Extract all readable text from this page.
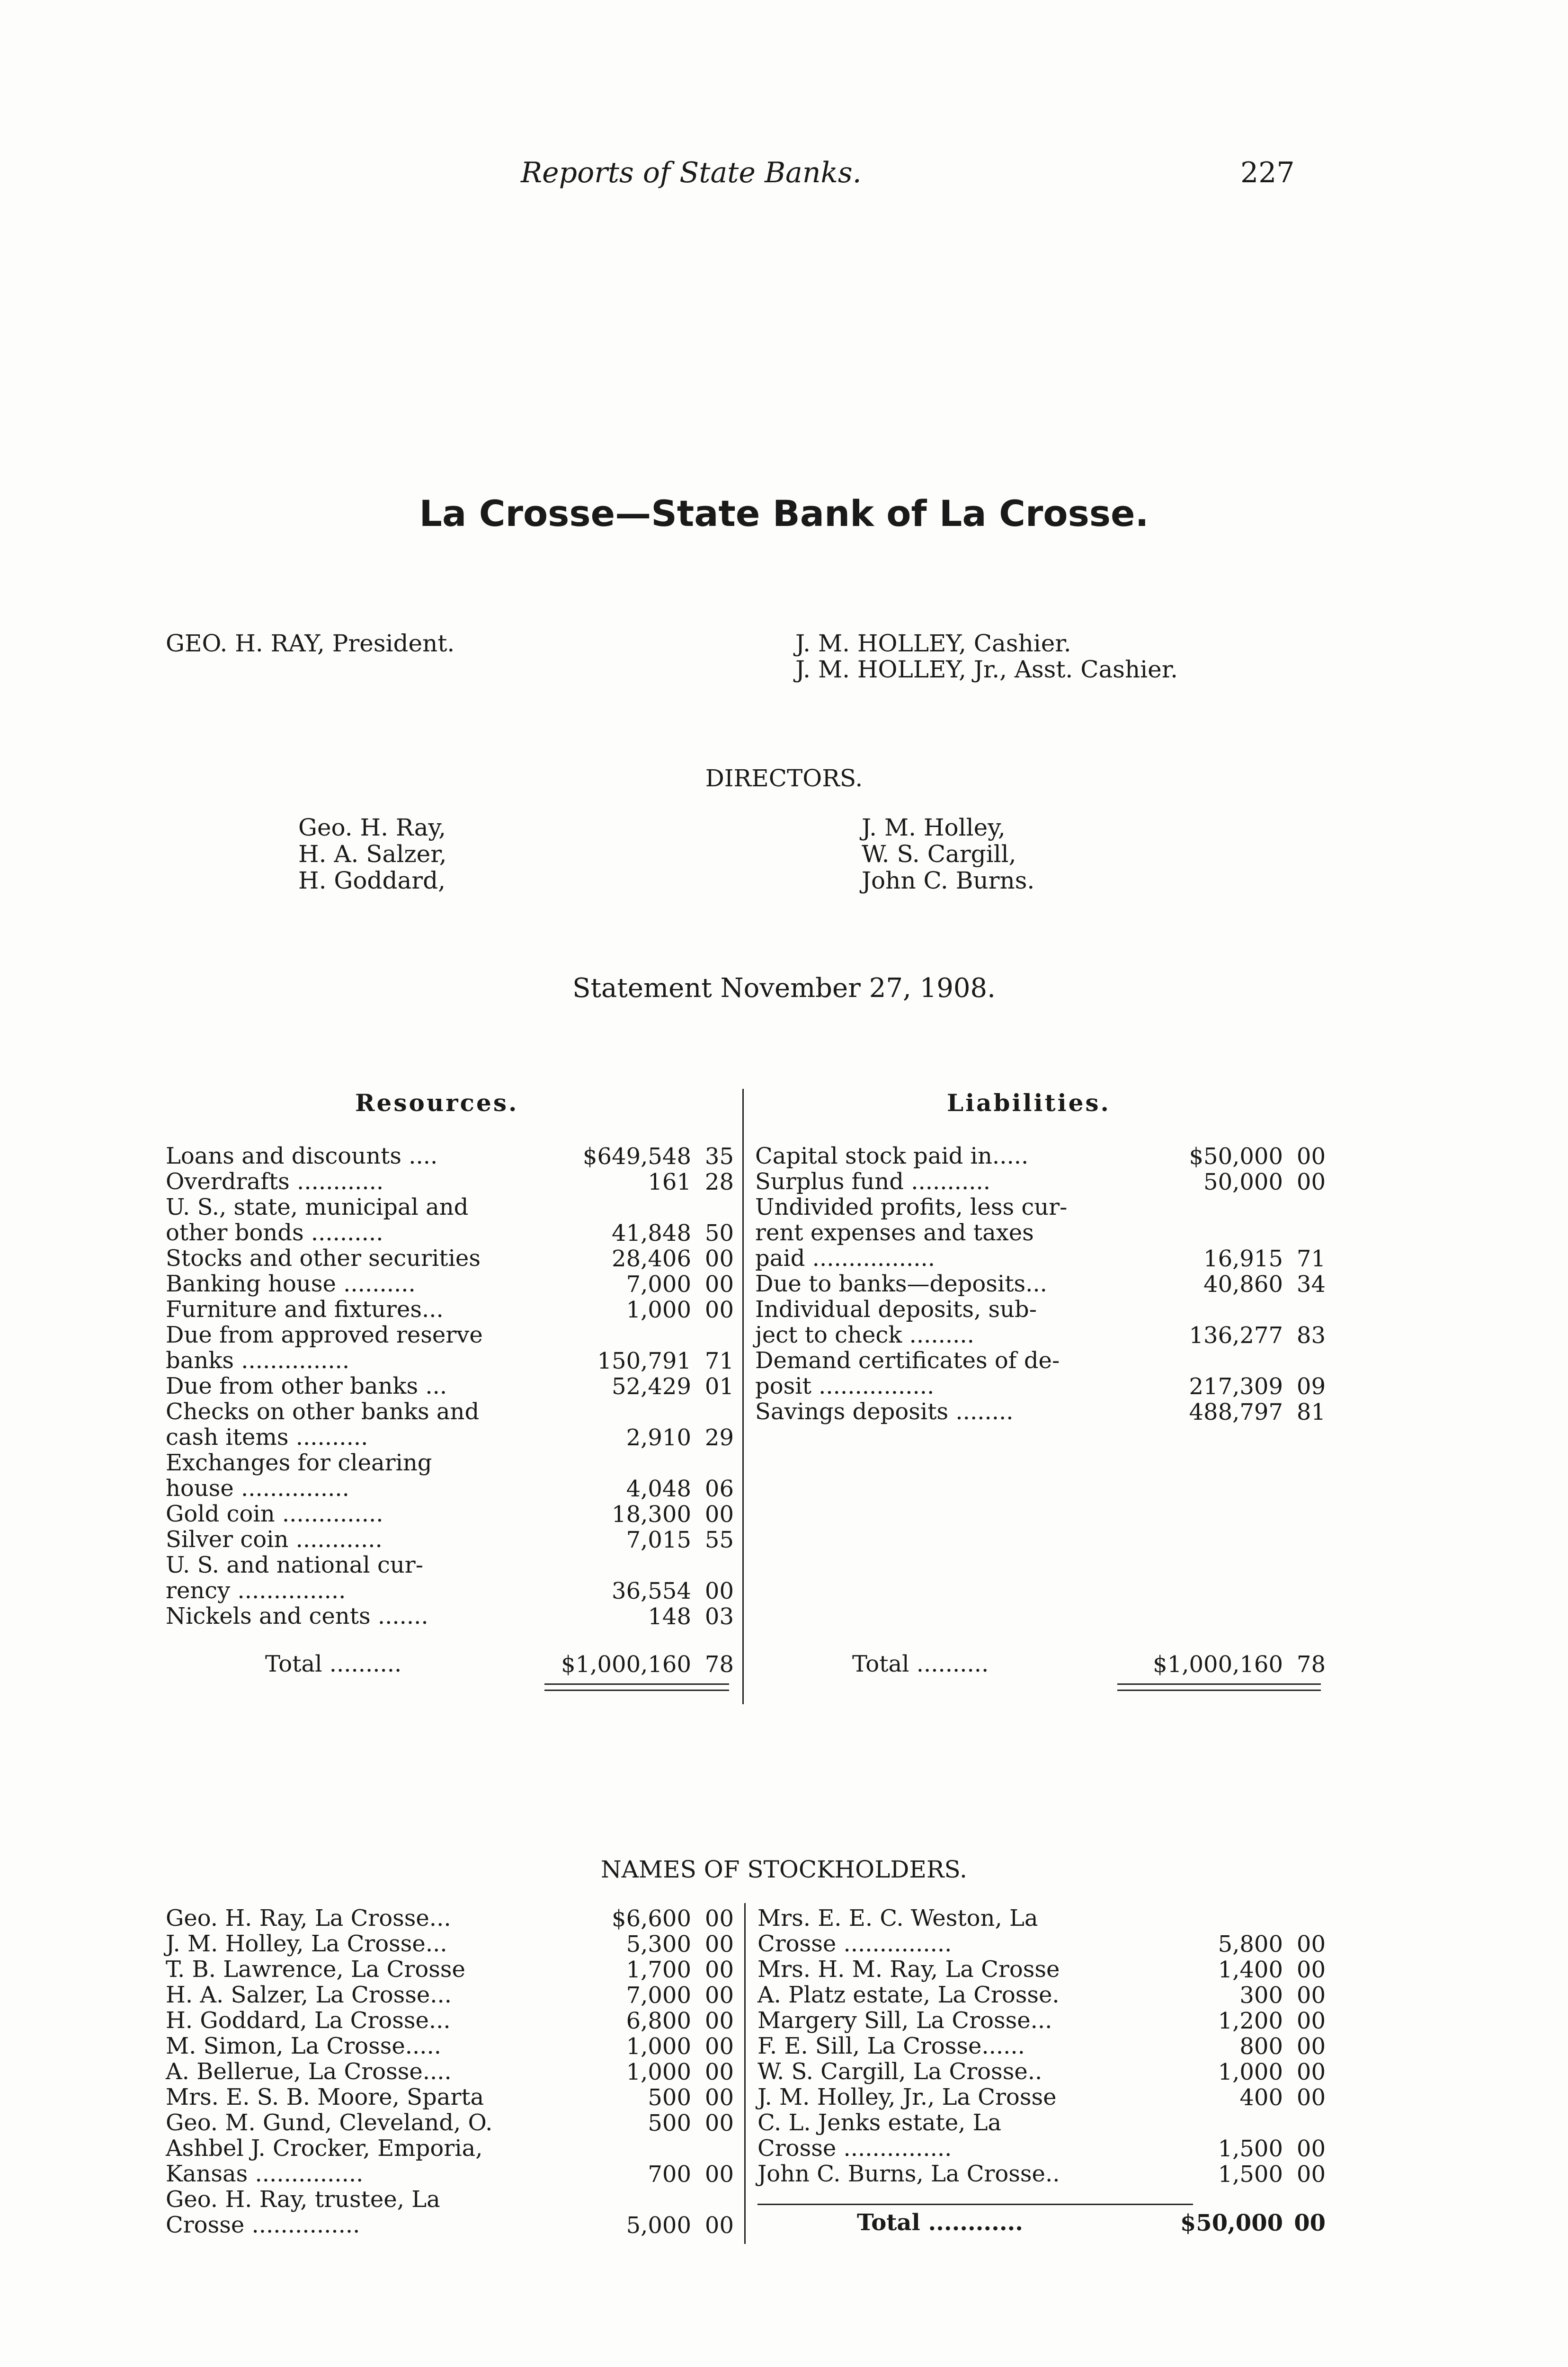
Reports of State Banks.	227
La Crosse—State Bank of La Crosse.
GEO. H. RAY, President.	J. M. HOLLEY, Cashier.
J. M. HOLLEY, Jr., Asst. Cashier.
DIRECTORS.
Geo. H. Ray,
H. A. Salzer,
H. Goddard,
J. M. Holley,
W. S. Cargill,
John C. Burns.
Statement November 27, 1908.
Resources.	Liabilities.
Loans and discounts ....	$649,548 35
Overdrafts ............	161 28
U. S., state, municipal and
other bonds ..........	41,848 50
Stocks and other securities	28,406 00
Banking house ..........	7,000 00
Furniture and fixtures...	1,000 00
Due from approved reserve
banks ...............	150,791 71
Due from other banks ...	52,429 01
Checks on other banks and
cash items ..........	2,910 29
Exchanges for clearing
house ...............	4,048 06
Gold coin ..............	18,300 00
Silver coin ............	7,015 55
U. S. and national cur-
rency ...............	36,554 00
Nickels and cents .......	148 03
Capital stock paid in.....	$50,000 00
Surplus fund ...........	50,000 00
Undivided profits, less cur-
rent expenses and taxes
paid .................	16,915 71
Due to banks—deposits...	40,860 34
Individual deposits, sub-
ject to check .........	136,277 83
Demand certificates of de-
posit ................	217,309 09
Savings deposits ........	488,797 81
Total ..........	$1,000,160 78	Total ..........	$1,000,160 78
NAMES OF STOCKHOLDERS.
Geo. H. Ray, La Crosse...	$6,600 00
J. M. Holley, La Crosse...	5,300 00
T. B. Lawrence, La Crosse	1,700 00
H. A. Salzer, La Crosse...	7,000 00
H. Goddard, La Crosse...	6,800 00
M. Simon, La Crosse.....	1,000 00
A. Bellerue, La Crosse....	1,000 00
Mrs. E. S. B. Moore, Sparta	500 00
Geo. M. Gund, Cleveland, O.	500 00
Ashbel J. Crocker, Emporia,
Kansas ...............	700 00
Geo. H. Ray, trustee, La
Crosse ...............	5,000 00
Mrs. E. E. C. Weston, La
Crosse ...............	5,800 00
Mrs. H. M. Ray, La Crosse	1,400 00
A. Platz estate, La Crosse.	300 00
Margery Sill, La Crosse...	1,200 00
F. E. Sill, La Crosse......	800 00
W. S. Cargill, La Crosse..	1,000 00
J. M. Holley, Jr., La Crosse	400 00
C. L. Jenks estate, La
Crosse ...............	1,500 00
John C. Burns, La Crosse..	1,500 00
Total ............	$50,000 00
